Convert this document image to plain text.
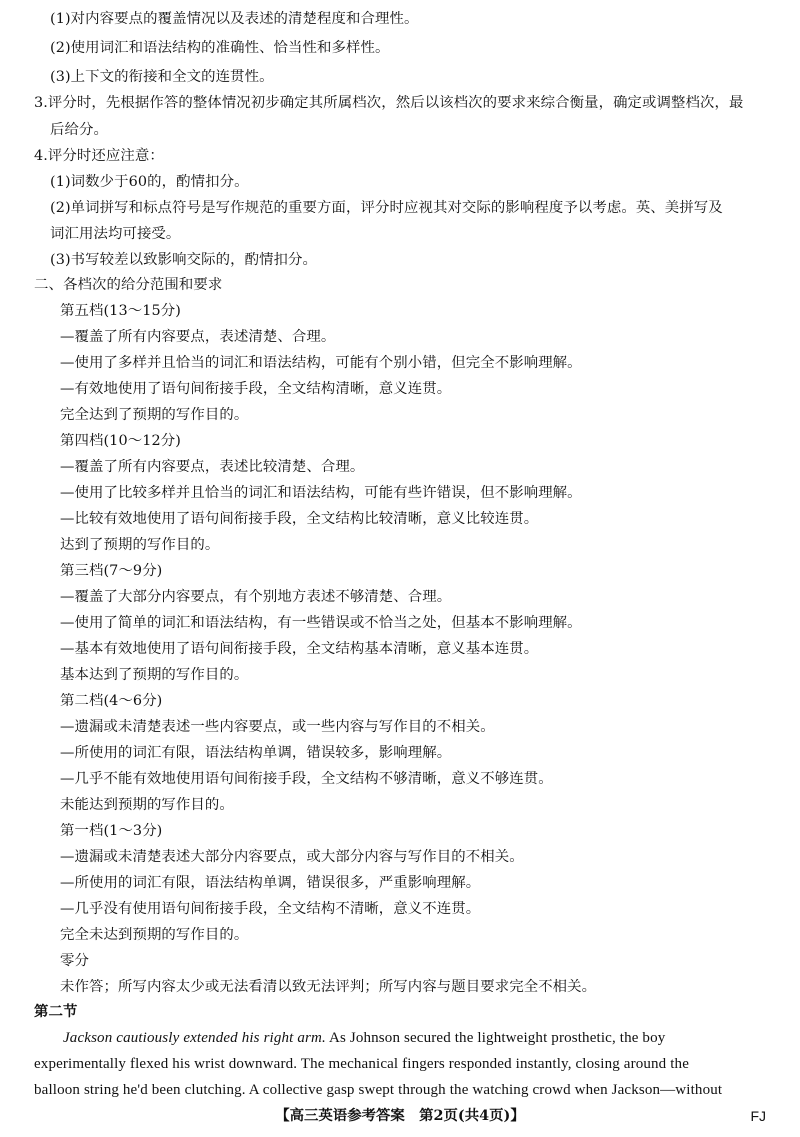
(1)对内容要点的覆盖情况以及表述的清楚程度和合理性。
(2)使用词汇和语法结构的准确性、恰当性和多样性。
(3)上下文的衔接和全文的连贯性。
3.评分时，先根据作答的整体情况初步确定其所属档次，然后以该档次的要求来综合衡量，确定或调整档次，最
后给分。
4.评分时还应注意：
(1)词数少于60的，酌情扣分。
(2)单词拼写和标点符号是写作规范的重要方面，评分时应视其对交际的影响程度予以考虑。英、美拼写及
词汇用法均可接受。
(3)书写较差以致影响交际的，酌情扣分。
二、各档次的给分范围和要求
第五档(13～15分)
—覆盖了所有内容要点，表述清楚、合理。
—使用了多样并且恰当的词汇和语法结构，可能有个别小错，但完全不影响理解。
—有效地使用了语句间衔接手段，全文结构清晰，意义连贯。
完全达到了预期的写作目的。
第四档(10～12分)
—覆盖了所有内容要点，表述比较清楚、合理。
—使用了比较多样并且恰当的词汇和语法结构，可能有些许错误，但不影响理解。
—比较有效地使用了语句间衔接手段，全文结构比较清晰，意义比较连贯。
达到了预期的写作目的。
第三档(7～9分)
—覆盖了大部分内容要点，有个别地方表述不够清楚、合理。
—使用了简单的词汇和语法结构，有一些错误或不恰当之处，但基本不影响理解。
—基本有效地使用了语句间衔接手段，全文结构基本清晰，意义基本连贯。
基本达到了预期的写作目的。
第二档(4～6分)
—遗漏或未清楚表述一些内容要点，或一些内容与写作目的不相关。
—所使用的词汇有限，语法结构单调，错误较多，影响理解。
—几乎不能有效地使用语句间衔接手段，全文结构不够清晰，意义不够连贯。
未能达到预期的写作目的。
第一档(1～3分)
—遗漏或未清楚表述大部分内容要点，或大部分内容与写作目的不相关。
—所使用的词汇有限，语法结构单调，错误很多，严重影响理解。
—几乎没有使用语句间衔接手段，全文结构不清晰，意义不连贯。
完全未达到预期的写作目的。
零分
未作答；所写内容太少或无法看清以致无法评判；所写内容与题目要求完全不相关。
第二节
Jackson cautiously extended his right arm. As Johnson secured the lightweight prosthetic, the boy
experimentally flexed his wrist downward. The mechanical fingers responded instantly, closing around the
balloon string he'd been clutching. A collective gasp swept through the watching crowd when Jackson—without
【高三英语参考答案　第2页(共4页)】	FJ
